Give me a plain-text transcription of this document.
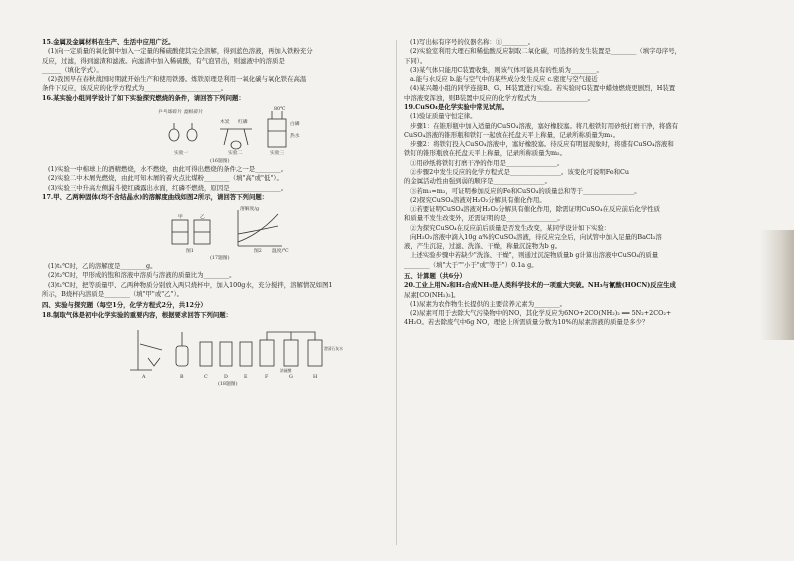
15.金属及金属材料在生产、生活中应用广泛。

(1)向一定质量的氧化铜中加入一定量的稀硫酸使其完全溶解，得到蓝色溶液，再加入铁粉充分

反应，过滤，得到滤渣和滤液。向滤渣中加入稀硫酸，有气泡冒出，则滤液中的溶质是

______（填化学式）。

(2)我国早在春秋战国时期就开始生产和使用铁器。炼铁原理是利用一氧化碳与氧化铁在高温

条件下反应，该反应的化学方程式为________________________。

16.某实验小组同学设计了如下实验探究燃烧的条件，请回答下列问题：

乒乓球碎片 滤纸碎片
木炭 红磷
80℃
白磷
热水
实验一	实验二	实验三
(16题图)

(1)实验一中棉球上的酒精燃烧，水不燃烧，由此可得出燃烧的条件之一是________。

(2)实验二中木屑先燃烧，由此可知木屑的着火点比煤粉________（填"高"或"低"）。

(3)实验三中升高左侧漏斗使红磷露出水面，红磷不燃烧，原因是________________。

17.甲、乙两种固体(均不含结晶水)的溶解度曲线如图2所示，请回答下列问题：

甲	乙
溶解度/g
温度/℃
图1	图2
(17题图)

(1)t₁℃时，乙的溶解度是________g。

(2)t₂℃时，甲形成的饱和溶液中溶质与溶液的质量比为________。

(3)t₁℃时，把等质量甲、乙两种物质分别放入两只烧杯中，加入100g水，充分搅拌，溶解情况如图1

所示，B烧杯内溶质是________（填"甲"或"乙"）。

四、实验与探究题（每空1分，化学方程式2分，共12分）

18.制取气体是初中化学实验的重要内容，根据要求回答下列问题：

A	B	C	D	E	F	G	H
浓硫酸
澄清石灰水
(18题图)

(1)写出标有序号的仪器名称：①________。

(2)实验室利用大理石和稀盐酸反应制取二氧化碳，可选择的发生装置是________（填字母序号，

下同）。

(3)某气体只能用C装置收集，则该气体可能具有的性质为________。

a.能与水反应 b.能与空气中的某些成分发生反应 c.密度与空气接近

(4)某兴趣小组的同学连接B、G、H装置进行实验。若实验时G装置中蜡烛燃烧更剧烈，H装置

中溶液变浑浊，则B装置中反应的化学方程式为________________。

19.CuSO₄是化学实验中常见试剂。

(1)验证质量守恒定律。

步骤1：在锥形瓶中加入适量的CuSO₄溶液，塞好橡胶塞。将几根铁钉用砂纸打磨干净，将盛有

CuSO₄溶液的锥形瓶和铁钉一起放在托盘天平上称量，记录所称质量为m₁。

步骤2：将铁钉投入CuSO₄溶液中，塞好橡胶塞。待反应有明显现象时，将盛有CuSO₄溶液和

铁钉的锥形瓶放在托盘天平上称量，记录所称质量为m₂。

①用砂纸将铁钉打磨干净的作用是________________。

②步骤2中发生反应的化学方程式是________________。该变化可说明Fe和Cu

的金属活动性由强到弱的顺序是________________。

③若m₁=m₂，可证明参加反应的Fe和CuSO₄的质量总和等于________________。

(2)探究CuSO₄溶液对H₂O₂分解具有催化作用。

①若要证明CuSO₄溶液对H₂O₂分解具有催化作用，除需证明CuSO₄在反应前后化学性质

和质量不发生改变外，还需证明的是________________。

②为探究CuSO₄在反应前后质量是否发生改变，某同学设计如下实验：

向H₂O₂溶液中滴入10g a%的CuSO₄溶液，待反应完全后，向试管中加入足量的BaCl₂溶

液，产生沉淀，过滤、洗涤、干燥，称量沉淀物为b g。

上述实验步骤中若缺少"洗涤、干燥"，则通过沉淀物质量b g计算出溶液中CuSO₄的质量

________（填"大于""小于"或"等于"）0.1a g。

五、计算题（共6分）

20.工业上用N₂和H₂合成NH₃是人类科学技术的一项重大突破。NH₃与氰酸(HOCN)反应生成

尿素[CO(NH₂)₂]。

(1)尿素为农作物生长提供的主要营养元素为________。

(2)尿素可用于去除大气污染物中的NO，其化学反应为6NO+2CO(NH₂)₂ ══ 5N₂+2CO₂+

4H₂O。若去除废气中6g NO，理论上所需质量分数为10%的尿素溶液的质量是多少？
